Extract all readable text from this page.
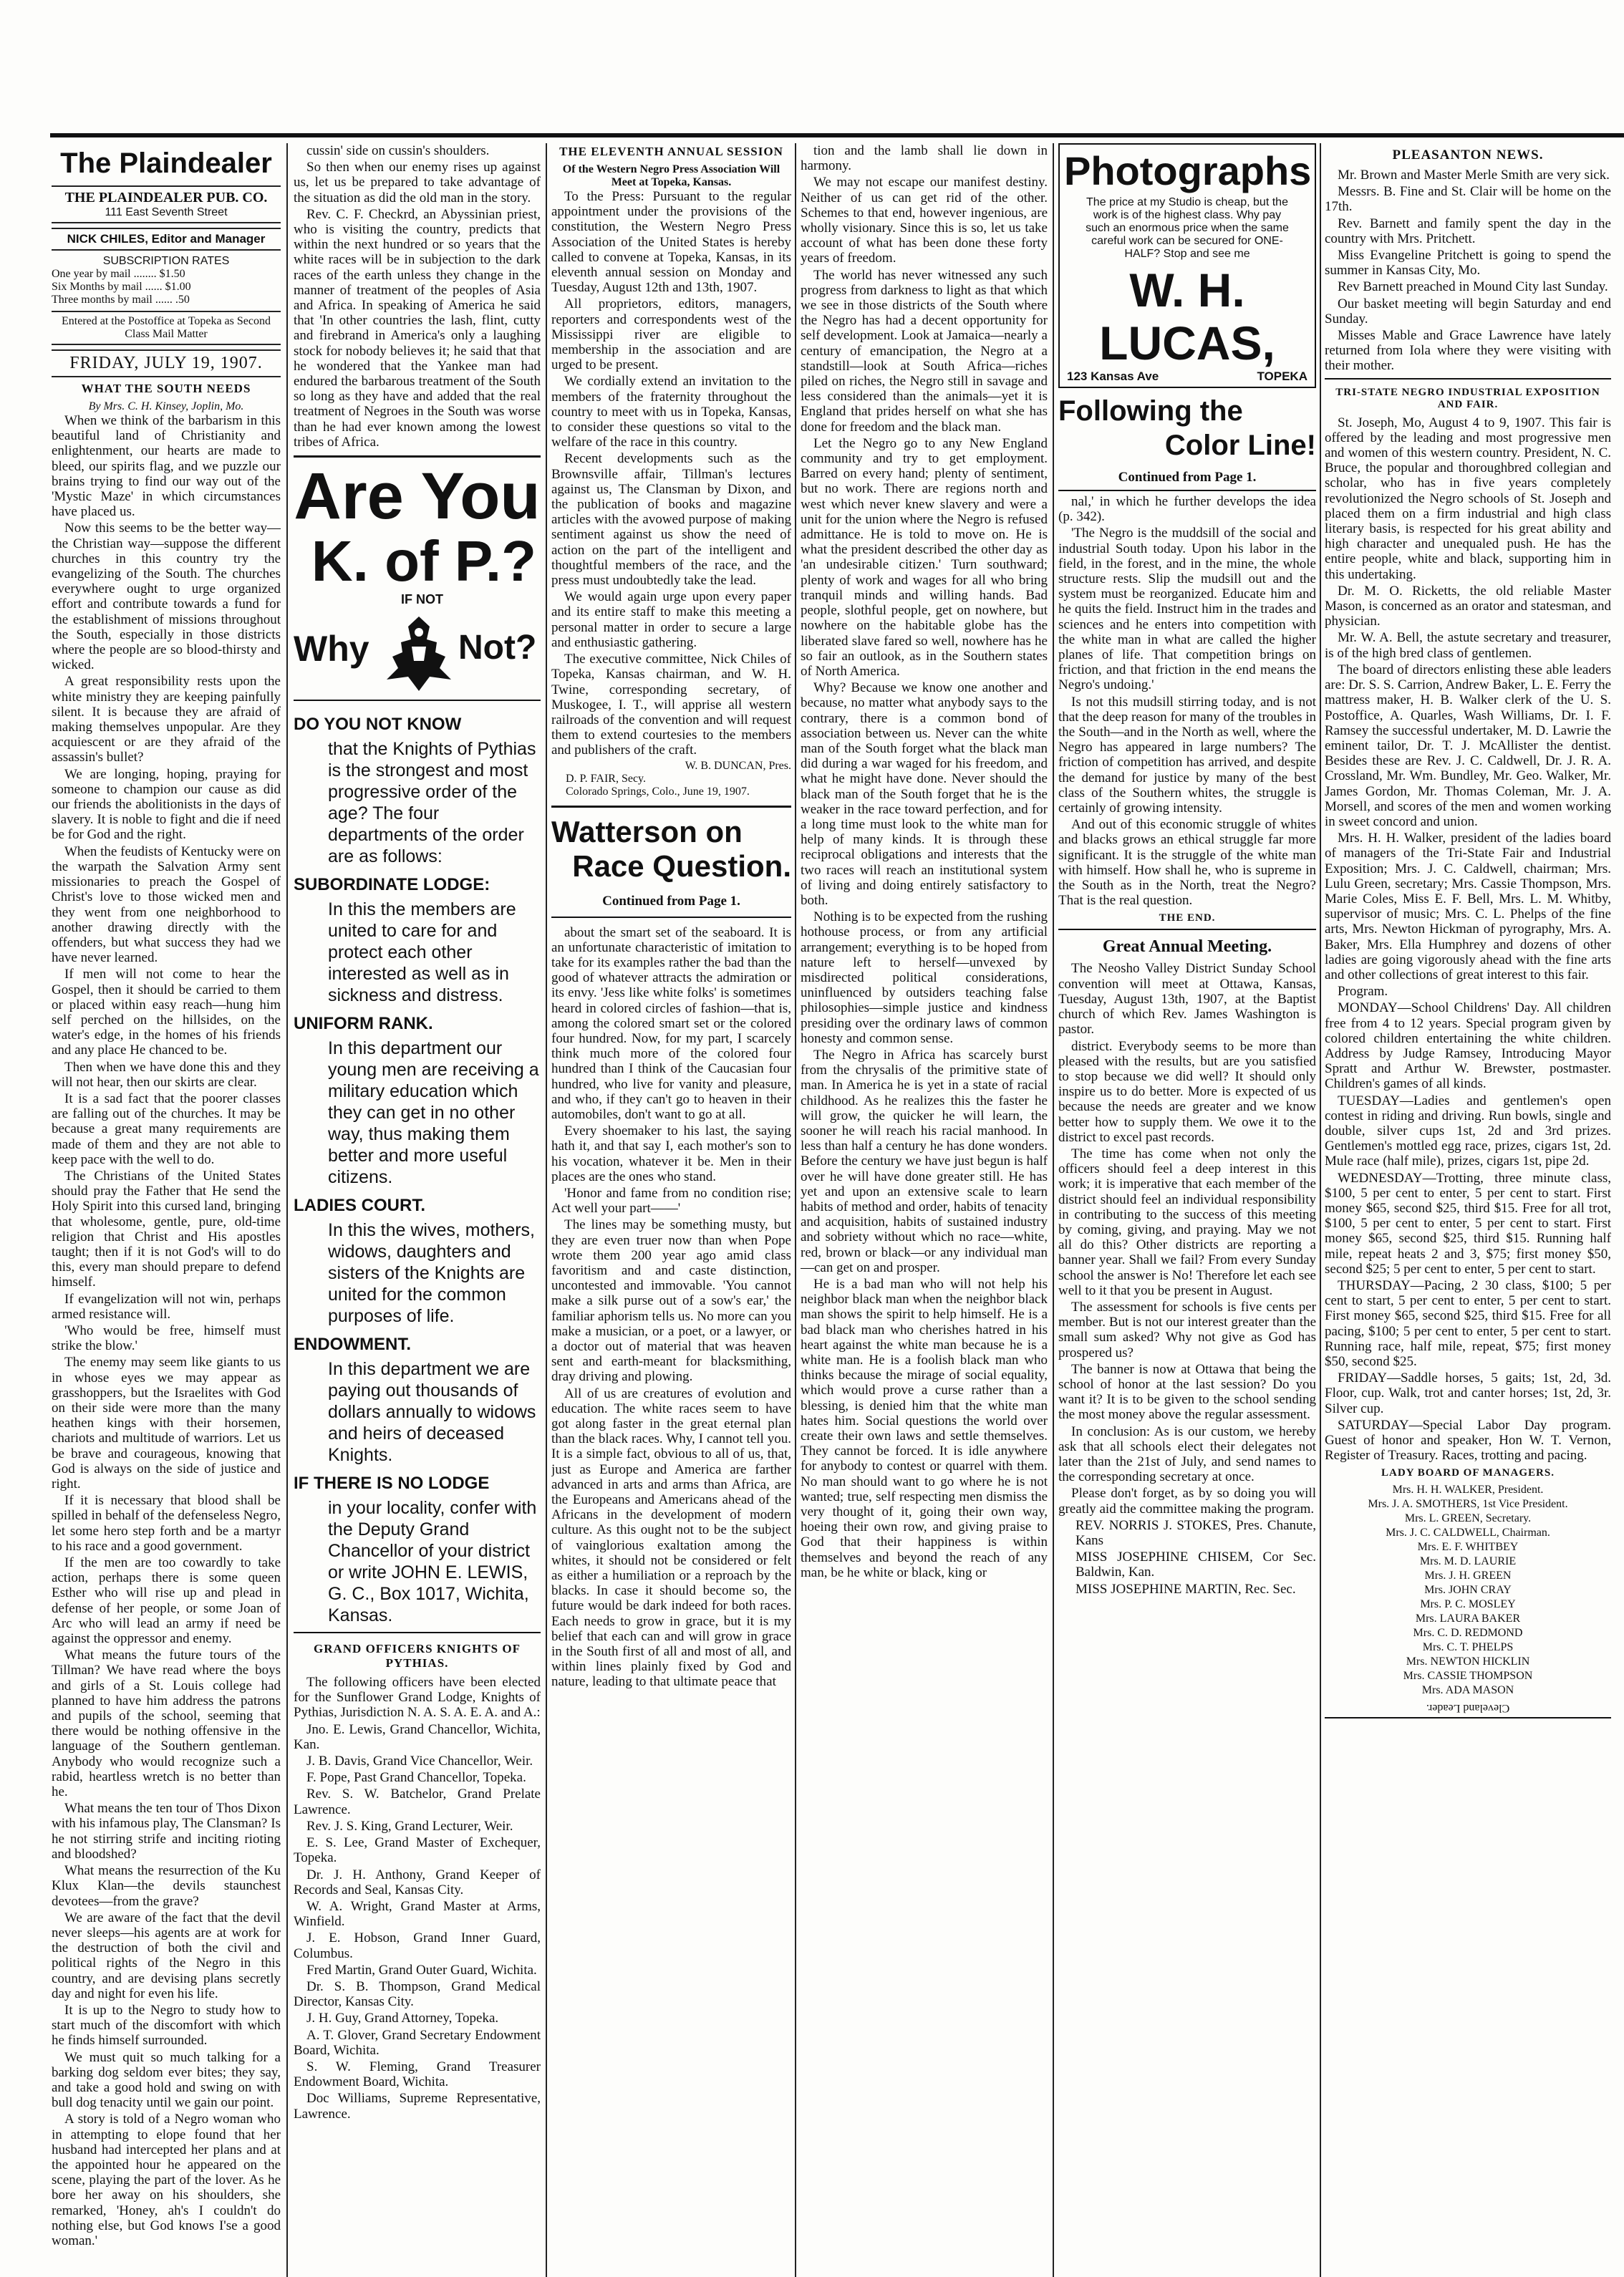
The Plaindealer
THE PLAINDEALER PUB. CO.
111 East Seventh Street
NICK CHILES, Editor and Manager
SUBSCRIPTION RATES
One year by mail ........ $1.50
Six Months by mail ...... $1.00
Three months by mail ...... .50
Entered at the Postoffice at Topeka as Second Class Mail Matter
FRIDAY, JULY 19, 1907.
WHAT THE SOUTH NEEDS
By Mrs. C. H. Kinsey, Joplin, Mo.

When we think of the barbarism in this beautiful land of Christianity and enlightenment, our hearts are made to bleed, our spirits flag, and we puzzle our brains trying to find our way out of the 'Mystic Maze' in which circumstances have placed us.

Now this seems to be the better way—the Christian way—suppose the different churches in this country try the evangelizing of the South. The churches everywhere ought to urge organized effort and contribute towards a fund for the establishment of missions throughout the South, especially in those districts where the people are so blood-thirsty and wicked.

A great responsibility rests upon the white ministry they are keeping painfully silent. It is because they are afraid of making themselves unpopular. Are they acquiescent or are they afraid of the assassin's bullet?

We are longing, hoping, praying for someone to champion our cause as did our friends the abolitionists in the days of slavery. It is noble to fight and die if need be for God and the right.

When the feudists of Kentucky were on the warpath the Salvation Army sent missionaries to preach the Gospel of Christ's love to those wicked men and they went from one neighborhood to another drawing directly with the offenders, but what success they had we have never learned.

If men will not come to hear the Gospel, then it should be carried to them or placed within easy reach—hung him self perched on the hillsides, on the water's edge, in the homes of his friends and any place He chanced to be.

Then when we have done this and they will not hear, then our skirts are clear.

It is a sad fact that the poorer classes are falling out of the churches. It may be because a great many requirements are made of them and they are not able to keep pace with the well to do.

The Christians of the United States should pray the Father that He send the Holy Spirit into this cursed land, bringing that wholesome, gentle, pure, old-time religion that Christ and His apostles taught; then if it is not God's will to do this, every man should prepare to defend himself.

If evangelization will not win, perhaps armed resistance will.

'Who would be free, himself must strike the blow.'

The enemy may seem like giants to us in whose eyes we may appear as grasshoppers, but the Israelites with God on their side were more than the many heathen kings with their horsemen, chariots and multitude of warriors. Let us be brave and courageous, knowing that God is always on the side of justice and right.

If it is necessary that blood shall be spilled in behalf of the defenseless Negro, let some hero step forth and be a martyr to his race and a good government.

If the men are too cowardly to take action, perhaps there is some queen Esther who will rise up and plead in defense of her people, or some Joan of Arc who will lead an army if need be against the oppressor and enemy.

What means the future tours of the Tillman? We have read where the boys and girls of a St. Louis college had planned to have him address the patrons and pupils of the school, seeming that there would be nothing offensive in the language of the Southern gentleman. Anybody who would recognize such a rabid, heartless wretch is no better than he.

What means the ten tour of Thos Dixon with his infamous play, The Clansman? Is he not stirring strife and inciting rioting and bloodshed?

What means the resurrection of the Ku Klux Klan—the devils staunchest devotees—from the grave?

We are aware of the fact that the devil never sleeps—his agents are at work for the destruction of both the civil and political rights of the Negro in this country, and are devising plans secretly day and night for even his life.

It is up to the Negro to study how to start much of the discomfort with which he finds himself surrounded.

We must quit so much talking for a barking dog seldom ever bites; they say, and take a good hold and swing on with bull dog tenacity until we gain our point.

A story is told of a Negro woman who in attempting to elope found that her husband had intercepted her plans and at the appointed hour he appeared on the scene, playing the part of the lover. As he bore her away on his shoulders, she remarked, 'Honey, ah's I couldn't do nothing else, but God knows I'se a good woman.'

cussin' side on cussin's shoulders.

So then when our enemy rises up against us, let us be prepared to take advantage of the situation as did the old man in the story.

Rev. C. F. Checkrd, an Abyssinian priest, who is visiting the country, predicts that within the next hundred or so years that the white races will be in subjection to the dark races of the earth unless they change in the manner of treatment of the peoples of Asia and Africa. In speaking of America he said that 'In other countries the lash, flint, cutty and firebrand in America's only a laughing stock for nobody believes it; he said that that he wondered that the Yankee man had endured the barbarous treatment of the South so long as they have and added that the real treatment of Negroes in the South was worse than he had ever known among the lowest tribes of Africa.

Are You
K. of P.?
IF NOT
Why	Not?

DO YOU NOT KNOW

that the Knights of Pythias is the strongest and most progressive order of the age? The four departments of the order are as follows:

SUBORDINATE LODGE:

In this the members are united to care for and protect each other interested as well as in sickness and distress.

UNIFORM RANK.

In this department our young men are receiving a military education which they can get in no other way, thus making them better and more useful citizens.

LADIES COURT.

In this the wives, mothers, widows, daughters and sisters of the Knights are united for the common purposes of life.

ENDOWMENT.

In this department we are paying out thousands of dollars annually to widows and heirs of deceased Knights.

IF THERE IS NO LODGE

in your locality, confer with the Deputy Grand Chancellor of your district or write JOHN E. LEWIS, G. C., Box 1017, Wichita, Kansas.

GRAND OFFICERS KNIGHTS OF PYTHIAS.

The following officers have been elected for the Sunflower Grand Lodge, Knights of Pythias, Jurisdiction N. A. S. A. E. A. and A.:

Jno. E. Lewis, Grand Chancellor, Wichita, Kan.

J. B. Davis, Grand Vice Chancellor, Weir.

F. Pope, Past Grand Chancellor, Topeka.

Rev. S. W. Batchelor, Grand Prelate Lawrence.

Rev. J. S. King, Grand Lecturer, Weir.

E. S. Lee, Grand Master of Exchequer, Topeka.

Dr. J. H. Anthony, Grand Keeper of Records and Seal, Kansas City.

W. A. Wright, Grand Master at Arms, Winfield.

J. E. Hobson, Grand Inner Guard, Columbus.

Fred Martin, Grand Outer Guard, Wichita.

Dr. S. B. Thompson, Grand Medical Director, Kansas City.

J. H. Guy, Grand Attorney, Topeka.

A. T. Glover, Grand Secretary Endowment Board, Wichita.

S. W. Fleming, Grand Treasurer Endowment Board, Wichita.

Doc Williams, Supreme Representative, Lawrence.

THE ELEVENTH ANNUAL SESSION
Of the Western Negro Press Association Will Meet at Topeka, Kansas.

To the Press: Pursuant to the regular appointment under the provisions of the constitution, the Western Negro Press Association of the United States is hereby called to convene at Topeka, Kansas, in its eleventh annual session on Monday and Tuesday, August 12th and 13th, 1907.

All proprietors, editors, managers, reporters and correspondents west of the Mississippi river are eligible to membership in the association and are urged to be present.

We cordially extend an invitation to the members of the fraternity throughout the country to meet with us in Topeka, Kansas, to consider these questions so vital to the welfare of the race in this country.

Recent developments such as the Brownsville affair, Tillman's lectures against us, The Clansman by Dixon, and the publication of books and magazine articles with the avowed purpose of making sentiment against us show the need of action on the part of the intelligent and thoughtful members of the race, and the press must undoubtedly take the lead.

We would again urge upon every paper and its entire staff to make this meeting a personal matter in order to secure a large and enthusiastic gathering.

The executive committee, Nick Chiles of Topeka, Kansas chairman, and W. H. Twine, corresponding secretary, of Muskogee, I. T., will apprise all western railroads of the convention and will request them to extend courtesies to the members and publishers of the craft.

W. B. DUNCAN, Pres.
D. P. FAIR, Secy.
Colorado Springs, Colo., June 19, 1907.
Watterson on
Race Question.
Continued from Page 1.

about the smart set of the seaboard. It is an unfortunate characteristic of imitation to take for its examples rather the bad than the good of whatever attracts the admiration or its envy. 'Jess like white folks' is sometimes heard in colored circles of fashion—that is, among the colored smart set or the colored four hundred. Now, for my part, I scarcely think much more of the colored four hundred than I think of the Caucasian four hundred, who live for vanity and pleasure, and who, if they can't go to heaven in their automobiles, don't want to go at all.

Every shoemaker to his last, the saying hath it, and that say I, each mother's son to his vocation, whatever it be. Men in their places are the ones who stand.

'Honor and fame from no condition rise; Act well your part——'

The lines may be something musty, but they are even truer now than when Pope wrote them 200 year ago amid class favoritism and and caste distinction, uncontested and immovable. 'You cannot make a silk purse out of a sow's ear,' the familiar aphorism tells us. No more can you make a musician, or a poet, or a lawyer, or a doctor out of material that was heaven sent and earth-meant for blacksmithing, dray driving and plowing.

All of us are creatures of evolution and education. The white races seem to have got along faster in the great eternal plan than the black races. Why, I cannot tell you. It is a simple fact, obvious to all of us, that, just as Europe and America are farther advanced in arts and arms than Africa, are the Europeans and Americans ahead of the Africans in the development of modern culture. As this ought not to be the subject of vainglorious exaltation among the whites, it should not be considered or felt as either a humiliation or a reproach by the blacks. In case it should become so, the future would be dark indeed for both races. Each needs to grow in grace, but it is my belief that each can and will grow in grace in the South first of all and most of all, and within lines plainly fixed by God and nature, leading to that ultimate peace that

tion and the lamb shall lie down in harmony.

We may not escape our manifest destiny. Neither of us can get rid of the other. Schemes to that end, however ingenious, are wholly visionary. Since this is so, let us take account of what has been done these forty years of freedom.

The world has never witnessed any such progress from darkness to light as that which we see in those districts of the South where the Negro has had a decent opportunity for self development. Look at Jamaica—nearly a century of emancipation, the Negro at a standstill—look at South Africa—riches piled on riches, the Negro still in savage and less considered than the animals—yet it is England that prides herself on what she has done for freedom and the black man.

Let the Negro go to any New England community and try to get employment. Barred on every hand; plenty of sentiment, but no work. There are regions north and west which never knew slavery and were a unit for the union where the Negro is refused admittance. He is told to move on. He is what the president described the other day as 'an undesirable citizen.' Turn southward; plenty of work and wages for all who bring tranquil minds and willing hands. Bad people, slothful people, get on nowhere, but nowhere on the habitable globe has the liberated slave fared so well, nowhere has he so fair an outlook, as in the Southern states of North America.

Why? Because we know one another and because, no matter what anybody says to the contrary, there is a common bond of association between us. Never can the white man of the South forget what the black man did during a war waged for his freedom, and what he might have done. Never should the black man of the South forget that he is the weaker in the race toward perfection, and for a long time must look to the white man for help of many kinds. It is through these reciprocal obligations and interests that the two races will reach an institutional system of living and doing entirely satisfactory to both.

Nothing is to be expected from the rushing hothouse process, or from any artificial arrangement; everything is to be hoped from nature left to herself—unvexed by misdirected political considerations, uninfluenced by outsiders teaching false philosophies—simple justice and kindness presiding over the ordinary laws of common honesty and common sense.

The Negro in Africa has scarcely burst from the chrysalis of the primitive state of man. In America he is yet in a state of racial childhood. As he realizes this the faster he will grow, the quicker he will learn, the sooner he will reach his racial manhood. In less than half a century he has done wonders. Before the century we have just begun is half over he will have done greater still. He has yet and upon an extensive scale to learn habits of method and order, habits of tenacity and acquisition, habits of sustained industry and sobriety without which no race—white, red, brown or black—or any individual man—can get on and prosper.

He is a bad man who will not help his neighbor black man when the neighbor black man shows the spirit to help himself. He is a bad black man who cherishes hatred in his heart against the white man because he is a white man. He is a foolish black man who thinks because the mirage of social equality, which would prove a curse rather than a blessing, is denied him that the white man hates him. Social questions the world over create their own laws and settle themselves. They cannot be forced. It is idle anywhere for anybody to contest or quarrel with them. No man should want to go where he is not wanted; true, self respecting men dismiss the very thought of it, going their own way, hoeing their own row, and giving praise to God that their happiness is within themselves and beyond the reach of any man, be he white or black, king or

Photographs
The price at my Studio is cheap, but the work is of the highest class. Why pay such an enormous price when the same careful work can be secured for ONE-HALF? Stop and see me
W. H. LUCAS,
123 Kansas Ave	TOPEKA
Following the
Color Line!
Continued from Page 1.

nal,' in which he further develops the idea (p. 342).

'The Negro is the muddsill of the social and industrial South today. Upon his labor in the field, in the forest, and in the mine, the whole structure rests. Slip the mudsill out and the system must be reorganized. Educate him and he quits the field. Instruct him in the trades and sciences and he enters into competition with the white man in what are called the higher planes of life. That competition brings on friction, and that friction in the end means the Negro's undoing.'

Is not this mudsill stirring today, and is not that the deep reason for many of the troubles in the South—and in the North as well, where the Negro has appeared in large numbers? The friction of competition has arrived, and despite the demand for justice by many of the best class of the Southern whites, the struggle is certainly of growing intensity.

And out of this economic struggle of whites and blacks grows an ethical struggle far more significant. It is the struggle of the white man with himself. How shall he, who is supreme in the South as in the North, treat the Negro? That is the real question.

THE END.
Great Annual Meeting.

The Neosho Valley District Sunday School convention will meet at Ottawa, Kansas, Tuesday, August 13th, 1907, at the Baptist church of which Rev. James Washington is pastor.

district. Everybody seems to be more than pleased with the results, but are you satisfied to stop because we did well? It should only inspire us to do better. More is expected of us because the needs are greater and we know better how to supply them. We owe it to the district to excel past records.

The time has come when not only the officers should feel a deep interest in this work; it is imperative that each member of the district should feel an individual responsibility in contributing to the success of this meeting by coming, giving, and praying. May we not all do this? Other districts are reporting a banner year. Shall we fail? From every Sunday school the answer is No! Therefore let each see well to it that you be present in August.

The assessment for schools is five cents per member. But is not our interest greater than the small sum asked? Why not give as God has prospered us?

The banner is now at Ottawa that being the school of honor at the last session? Do you want it? It is to be given to the school sending the most money above the regular assessment.

In conclusion: As is our custom, we hereby ask that all schools elect their delegates not later than the 21st of July, and send names to the corresponding secretary at once.

Please don't forget, as by so doing you will greatly aid the committee making the program.

REV. NORRIS J. STOKES, Pres. Chanute, Kans

MISS JOSEPHINE CHISEM, Cor Sec. Baldwin, Kan.

MISS JOSEPHINE MARTIN, Rec. Sec.

PLEASANTON NEWS.

Mr. Brown and Master Merle Smith are very sick.

Messrs. B. Fine and St. Clair will be home on the 17th.

Rev. Barnett and family spent the day in the country with Mrs. Pritchett.

Miss Evangeline Pritchett is going to spend the summer in Kansas City, Mo.

Rev Barnett preached in Mound City last Sunday.

Our basket meeting will begin Saturday and end Sunday.

Misses Mable and Grace Lawrence have lately returned from Iola where they were visiting with their mother.

TRI-STATE NEGRO INDUSTRIAL EXPOSITION AND FAIR.

St. Joseph, Mo, August 4 to 9, 1907. This fair is offered by the leading and most progressive men and women of this western country. President, N. C. Bruce, the popular and thoroughbred collegian and scholar, who has in five years completely revolutionized the Negro schools of St. Joseph and placed them on a firm industrial and high class literary basis, is respected for his great ability and high character and unequaled push. He has the entire people, white and black, supporting him in this undertaking.

Dr. M. O. Ricketts, the old reliable Master Mason, is concerned as an orator and statesman, and physician.

Mr. W. A. Bell, the astute secretary and treasurer, is of the high bred class of gentlemen.

The board of directors enlisting these able leaders are: Dr. S. S. Carrion, Andrew Baker, L. E. Ferry the mattress maker, H. B. Walker clerk of the U. S. Postoffice, A. Quarles, Wash Williams, Dr. I. F. Ramsey the successful undertaker, M. D. Lawrie the eminent tailor, Dr. T. J. McAllister the dentist. Besides these are Rev. J. C. Caldwell, Dr. J. R. A. Crossland, Mr. Wm. Bundley, Mr. Geo. Walker, Mr. James Gordon, Mr. Thomas Coleman, Mr. J. A. Morsell, and scores of the men and women working in sweet concord and union.

Mrs. H. H. Walker, president of the ladies board of managers of the Tri-State Fair and Industrial Exposition; Mrs. J. C. Caldwell, chairman; Mrs. Lulu Green, secretary; Mrs. Cassie Thompson, Mrs. Marie Coles, Miss E. F. Bell, Mrs. L. M. Whitby, supervisor of music; Mrs. C. L. Phelps of the fine arts, Mrs. Newton Hickman of pyrography, Mrs. A. Baker, Mrs. Ella Humphrey and dozens of other ladies are going vigorously ahead with the fine arts and other collections of great interest to this fair.

Program.

MONDAY—School Childrens' Day. All children free from 4 to 12 years. Special program given by colored children entertaining the white children. Address by Judge Ramsey, Introducing Mayor Spratt and Arthur W. Brewster, postmaster. Children's games of all kinds.

TUESDAY—Ladies and gentlemen's open contest in riding and driving. Run bowls, single and double, silver cups 1st, 2d and 3rd prizes. Gentlemen's mottled egg race, prizes, cigars 1st, 2d. Mule race (half mile), prizes, cigars 1st, pipe 2d.

WEDNESDAY—Trotting, three minute class, $100, 5 per cent to enter, 5 per cent to start. First money $65, second $25, third $15. Free for all trot, $100, 5 per cent to enter, 5 per cent to start. First money $65, second $25, third $15. Running half mile, repeat heats 2 and 3, $75; first money $50, second $25; 5 per cent to enter, 5 per cent to start.

THURSDAY—Pacing, 2 30 class, $100; 5 per cent to start, 5 per cent to enter, 5 per cent to start. First money $65, second $25, third $15. Free for all pacing, $100; 5 per cent to enter, 5 per cent to start. Running race, half mile, repeat, $75; first money $50, second $25.

FRIDAY—Saddle horses, 5 gaits; 1st, 2d, 3d. Floor, cup. Walk, trot and canter horses; 1st, 2d, 3r. Silver cup.

SATURDAY—Special Labor Day program. Guest of honor and speaker, Hon W. T. Vernon, Register of Treasury. Races, trotting and pacing.

LADY BOARD OF MANAGERS.

Mrs. H. H. WALKER, President.

Mrs. J. A. SMOTHERS, 1st Vice President.

Mrs. L. GREEN, Secretary.

Mrs. J. C. CALDWELL, Chairman.

Mrs. E. F. WHITBEY

Mrs. M. D. LAURIE

Mrs. J. H. GREEN

Mrs. JOHN CRAY

Mrs. P. C. MOSLEY

Mrs. LAURA BAKER

Mrs. C. D. REDMOND

Mrs. C. T. PHELPS

Mrs. NEWTON HICKLIN

Mrs. CASSIE THOMPSON

Mrs. ADA MASON

Cleveland Leader.
